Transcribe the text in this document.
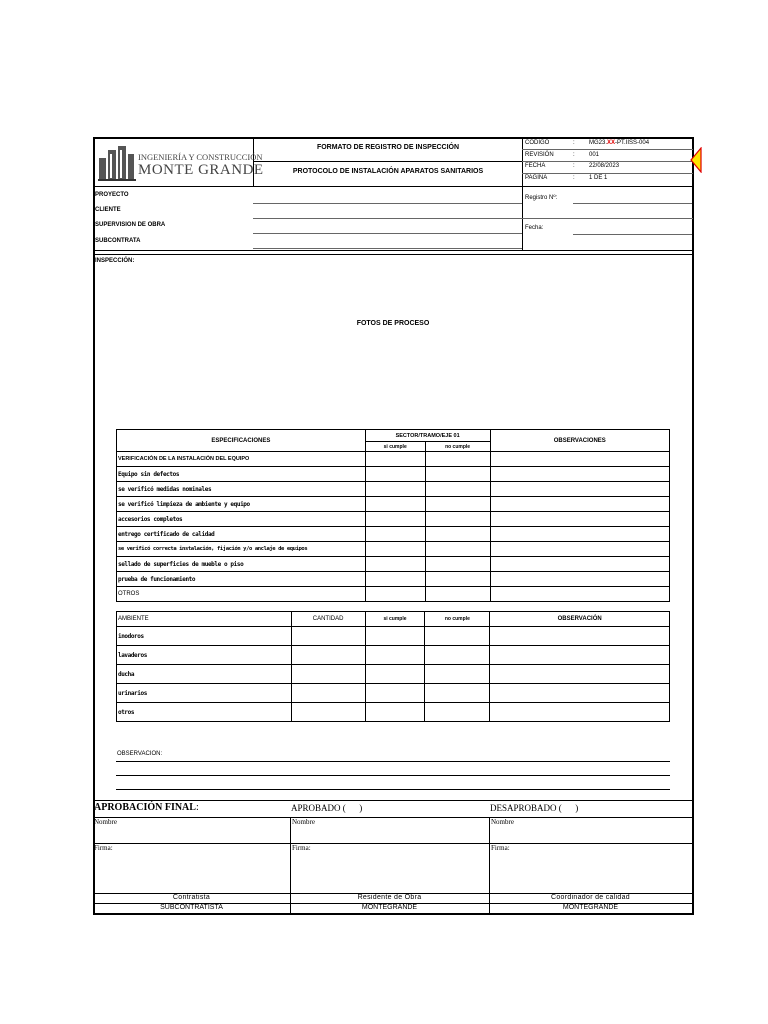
INGENIERÍA Y CONSTRUCCIÓN
MONTE GRANDE
FORMATO DE REGISTRO DE INSPECCIÓN
PROTOCOLO DE INSTALACIÓN APARATOS SANITARIOS
CODIGO	: MG23.XX-PT.IISS-004
REVISIÓN	: 001
FECHA	: 22/08/2023
PAGINA	: 1 DE 1
PROYECTO
CLIENTE
SUPERVISION DE OBRA
SUBCONTRATA
Registro Nº:
Fecha:
INSPECCIÓN:
FOTOS DE PROCESO
ESPECIFICACIONES	SECTOR/TRAMO/EJE 01		OBSERVACIONES
	si cumple	no cumple	
VERIFICACIÓN DE LA INSTALACIÓN DEL EQUIPO			
Equipo sin defectos			
se verificó medidas nominales			
se verificó limpieza de ambiente y equipo			
accesorios completos			
entrego certificado de calidad			
se verificó correcta instalación, fijación y/o anclaje de equipos			
sellado de superficies de mueble o piso			
prueba de funcionamiento			
OTROS			
AMBIENTE	CANTIDAD	si cumple	no cumple	OBSERVACIÓN
inodoros				
lavaderos				
ducha				
urinarios				
otros				
OBSERVACION:
APROBACIÓN FINAL:	APROBADO (      )	DESAPROBADO (      )
Nombre	Nombre	Nombre
Firma:	Firma:	Firma:
Contratista	Residente de Obra	Coordinador de calidad
SUBCONTRATISTA	MONTEGRANDE	MONTEGRANDE
